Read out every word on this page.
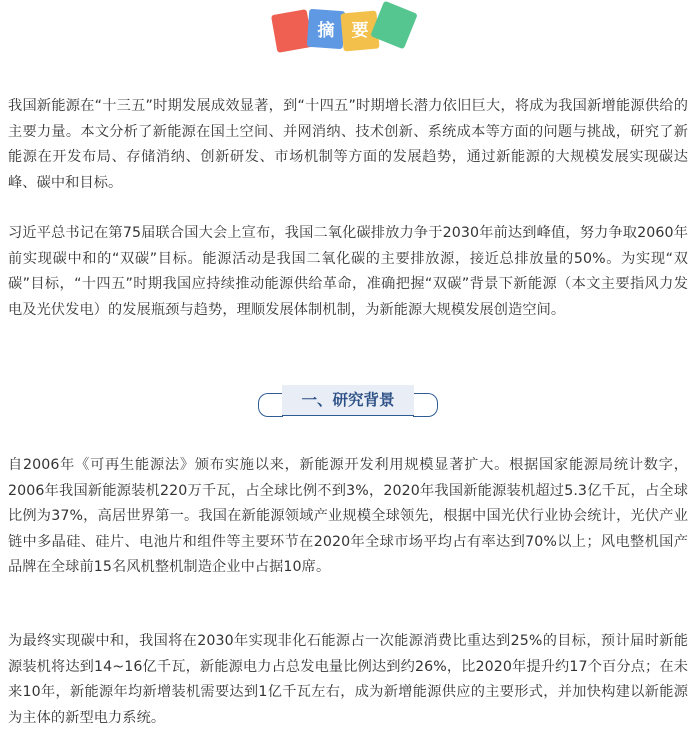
摘	要

我国新能源在“十三五”时期发展成效显著，到“十四五”时期增长潜力依旧巨大，将成为我国新增能源供给的主要力量。本文分析了新能源在国土空间、并网消纳、技术创新、系统成本等方面的问题与挑战，研究了新能源在开发布局、存储消纳、创新研发、市场机制等方面的发展趋势，通过新能源的大规模发展实现碳达峰、碳中和目标。

习近平总书记在第75届联合国大会上宣布，我国二氧化碳排放力争于2030年前达到峰值，努力争取2060年前实现碳中和的“双碳”目标。能源活动是我国二氧化碳的主要排放源，接近总排放量的50%。为实现“双碳”目标，“十四五”时期我国应持续推动能源供给革命，准确把握“双碳”背景下新能源（本文主要指风力发电及光伏发电）的发展瓶颈与趋势，理顺发展体制机制，为新能源大规模发展创造空间。

一、研究背景

自2006年《可再生能源法》颁布实施以来，新能源开发利用规模显著扩大。根据国家能源局统计数字，2006年我国新能源装机220万千瓦，占全球比例不到3%，2020年我国新能源装机超过5.3亿千瓦，占全球比例为37%，高居世界第一。我国在新能源领域产业规模全球领先，根据中国光伏行业协会统计，光伏产业链中多晶硅、硅片、电池片和组件等主要环节在2020年全球市场平均占有率达到70%以上；风电整机国产品牌在全球前15名风机整机制造企业中占据10席。

为最终实现碳中和，我国将在2030年实现非化石能源占一次能源消费比重达到25%的目标，预计届时新能源装机将达到14~16亿千瓦，新能源电力占总发电量比例达到约26%，比2020年提升约17个百分点；在未来10年，新能源年均新增装机需要达到1亿千瓦左右，成为新增能源供应的主要形式，并加快构建以新能源为主体的新型电力系统。
